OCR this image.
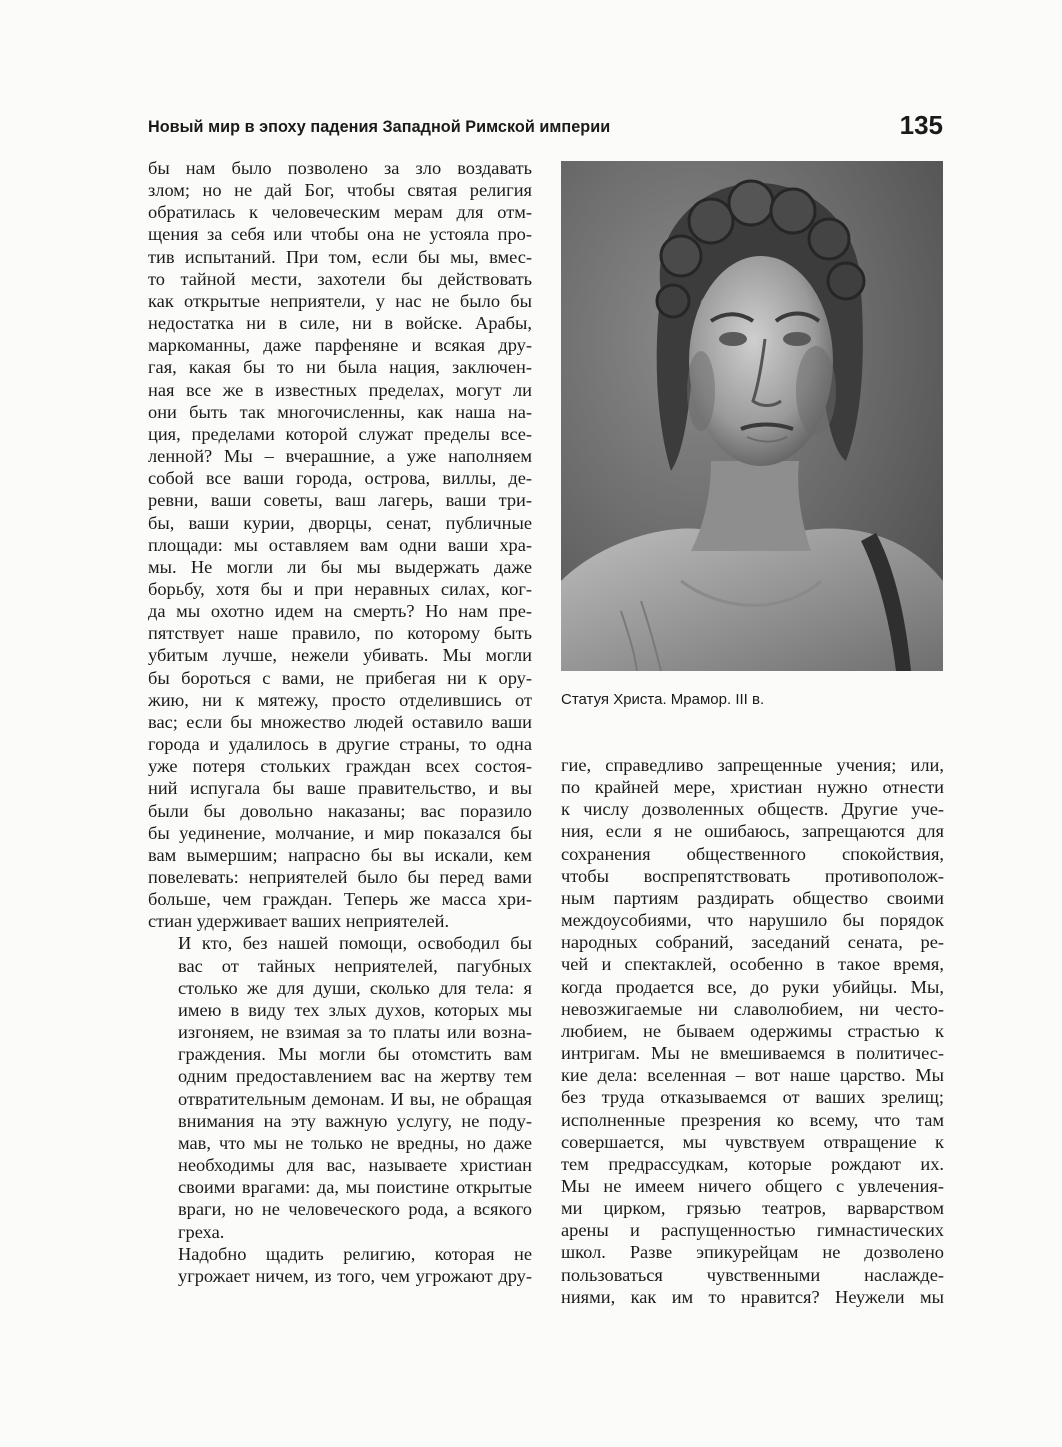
Новый мир в эпоху падения Западной Римской империи	135

бы нам было позволено за зло воздавать
злом; но не дай Бог, чтобы святая религия
обратилась к человеческим мерам для отм-
щения за себя или чтобы она не устояла про-
тив испытаний. При том, если бы мы, вмес-
то тайной мести, захотели бы действовать
как открытые неприятели, у нас не было бы
недостатка ни в силе, ни в войске. Арабы,
маркоманны, даже парфеняне и всякая дру-
гая, какая бы то ни была нация, заключен-
ная все же в известных пределах, могут ли
они быть так многочисленны, как наша на-
ция, пределами которой служат пределы все-
ленной? Мы – вчерашние, а уже наполняем
собой все ваши города, острова, виллы, де-
ревни, ваши советы, ваш лагерь, ваши три-
бы, ваши курии, дворцы, сенат, публичные
площади: мы оставляем вам одни ваши хра-
мы. Не могли ли бы мы выдержать даже
борьбу, хотя бы и при неравных силах, ког-
да мы охотно идем на смерть? Но нам пре-
пятствует наше правило, по которому быть
убитым лучше, нежели убивать. Мы могли
бы бороться с вами, не прибегая ни к ору-
жию, ни к мятежу, просто отделившись от
вас; если бы множество людей оставило ваши
города и удалилось в другие страны, то одна
уже потеря стольких граждан всех состоя-
ний испугала бы ваше правительство, и вы
были бы довольно наказаны; вас поразило
бы уединение, молчание, и мир показался бы
вам вымершим; напрасно бы вы искали, кем
повелевать: неприятелей было бы перед вами
больше, чем граждан. Теперь же масса хри-
стиан удерживает ваших неприятелей.

И кто, без нашей помощи, освободил бы
вас от тайных неприятелей, пагубных
столько же для души, сколько для тела: я
имею в виду тех злых духов, которых мы
изгоняем, не взимая за то платы или возна-
граждения. Мы могли бы отомстить вам
одним предоставлением вас на жертву тем
отвратительным демонам. И вы, не обращая
внимания на эту важную услугу, не поду-
мав, что мы не только не вредны, но даже
необходимы для вас, называете христиан
своими врагами: да, мы поистине открытые
враги, но не человеческого рода, а всякого
греха.

Надобно щадить религию, которая не
угрожает ничем, из того, чем угрожают дру-

Статуя Христа. Мрамор. III в.

гие, справедливо запрещенные учения; или,
по крайней мере, христиан нужно отнести
к числу дозволенных обществ. Другие уче-
ния, если я не ошибаюсь, запрещаются для
сохранения общественного спокойствия,
чтобы воспрепятствовать противополож-
ным партиям раздирать общество своими
междоусобиями, что нарушило бы порядок
народных собраний, заседаний сената, ре-
чей и спектаклей, особенно в такое время,
когда продается все, до руки убийцы. Мы,
невозжигаемые ни славолюбием, ни често-
любием, не бываем одержимы страстью к
интригам. Мы не вмешиваемся в политичес-
кие дела: вселенная – вот наше царство. Мы
без труда отказываемся от ваших зрелищ;
исполненные презрения ко всему, что там
совершается, мы чувствуем отвращение к
тем предрассудкам, которые рождают их.
Мы не имеем ничего общего с увлечения-
ми цирком, грязью театров, варварством
арены и распущенностью гимнастических
школ. Разве эпикурейцам не дозволено
пользоваться чувственными наслажде-
ниями, как им то нравится? Неужели мы
